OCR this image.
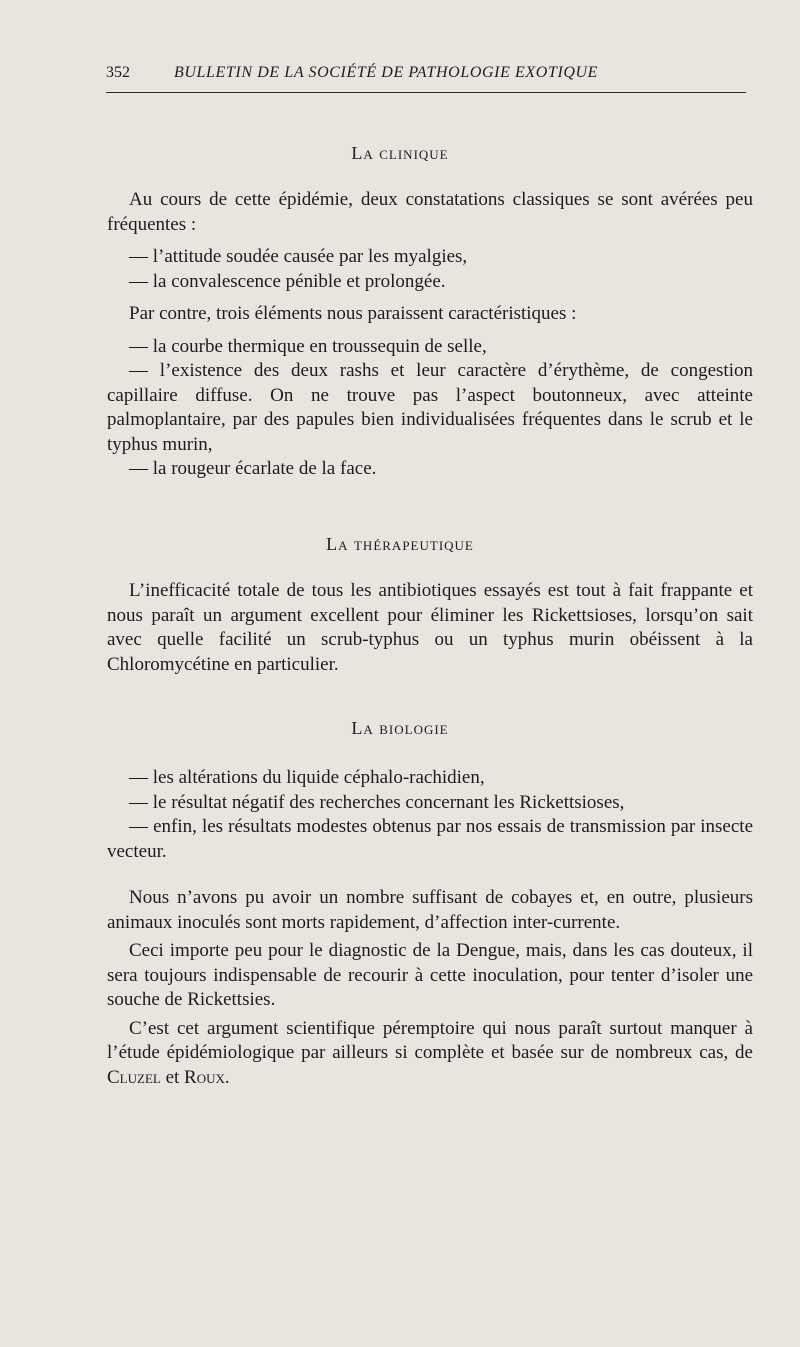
352	BULLETIN DE LA SOCIÉTÉ DE PATHOLOGIE EXOTIQUE
La clinique

Au cours de cette épidémie, deux constatations classiques se sont avérées peu fréquentes :

— l’attitude soudée causée par les myalgies,

— la convalescence pénible et prolongée.

Par contre, trois éléments nous paraissent caractéristiques :

— la courbe thermique en troussequin de selle,

— l’existence des deux rashs et leur caractère d’érythème, de congestion capillaire diffuse. On ne trouve pas l’aspect boutonneux, avec atteinte palmoplantaire, par des papules bien individualisées fréquentes dans le scrub et le typhus murin,

— la rougeur écarlate de la face.

La thérapeutique

L’inefficacité totale de tous les antibiotiques essayés est tout à fait frappante et nous paraît un argument excellent pour éliminer les Rickettsioses, lorsqu’on sait avec quelle facilité un scrub-typhus ou un typhus murin obéissent à la Chloromycétine en particulier.

La biologie

— les altérations du liquide céphalo-rachidien,

— le résultat négatif des recherches concernant les Rickettsioses,

— enfin, les résultats modestes obtenus par nos essais de transmission par insecte vecteur.

Nous n’avons pu avoir un nombre suffisant de cobayes et, en outre, plusieurs animaux inoculés sont morts rapidement, d’affection inter-currente.

Ceci importe peu pour le diagnostic de la Dengue, mais, dans les cas douteux, il sera toujours indispensable de recourir à cette inoculation, pour tenter d’isoler une souche de Rickettsies.

C’est cet argument scientifique péremptoire qui nous paraît surtout manquer à l’étude épidémiologique par ailleurs si complète et basée sur de nombreux cas, de Cluzel et Roux.
